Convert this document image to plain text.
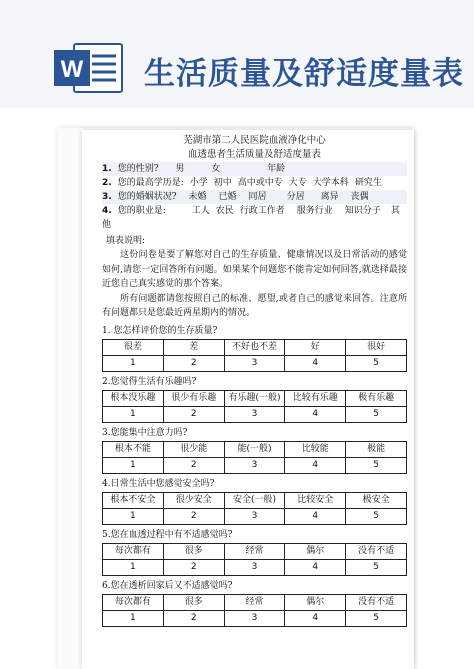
W 生活质量及舒适度量表
芜湖市第二人民医院血液净化中心
血透患者生活质量及舒适度量表
1. 您的性别? 男	女	年龄
2. 您的最高学历是: 小学 初中 高中或中专 大专 大学本科 研究生
3. 您的婚姻状况? 未婚 已婚 同居 分居 离异 丧偶
4. 您的职业是:	工人 农民 行政工作者 服务行业 知识分子 其
他
填表说明:
这份问卷是要了解您对自己的生存质量、健康情况以及日常活动的感觉如何,请您一定回答所有问题。如果某个问题您不能肯定如何回答,就选择最接近您自己真实感觉的那个答案。
所有问题都请您按照自己的标准、愿望,或者自己的感觉来回答。注意所有问题都只是您最近两星期内的情况。
1. 您怎样评价您的生存质量?
很差	差	不好也不差	好	很好
1	2	3	4	5
2.您觉得生活有乐趣吗?
根本没乐趣	很少有乐趣	有乐趣(一般)	比较有乐趣	极有乐趣
1	2	3	4	5
3.您能集中注意力吗?
根本不能	很少能	能(一般)	比较能	极能
1	2	3	4	5
4.日常生活中您感觉安全吗?
根本不安全	很少安全	安全(一般)	比较安全	极安全
1	2	3	4	5
5.您在血透过程中有不适感觉吗?
每次都有	很多	经常	偶尔	没有不适
1	2	3	4	5
6.您在透析回家后又不适感觉吗?
每次都有	很多	经常	偶尔	没有不适
1	2	3	4	5
